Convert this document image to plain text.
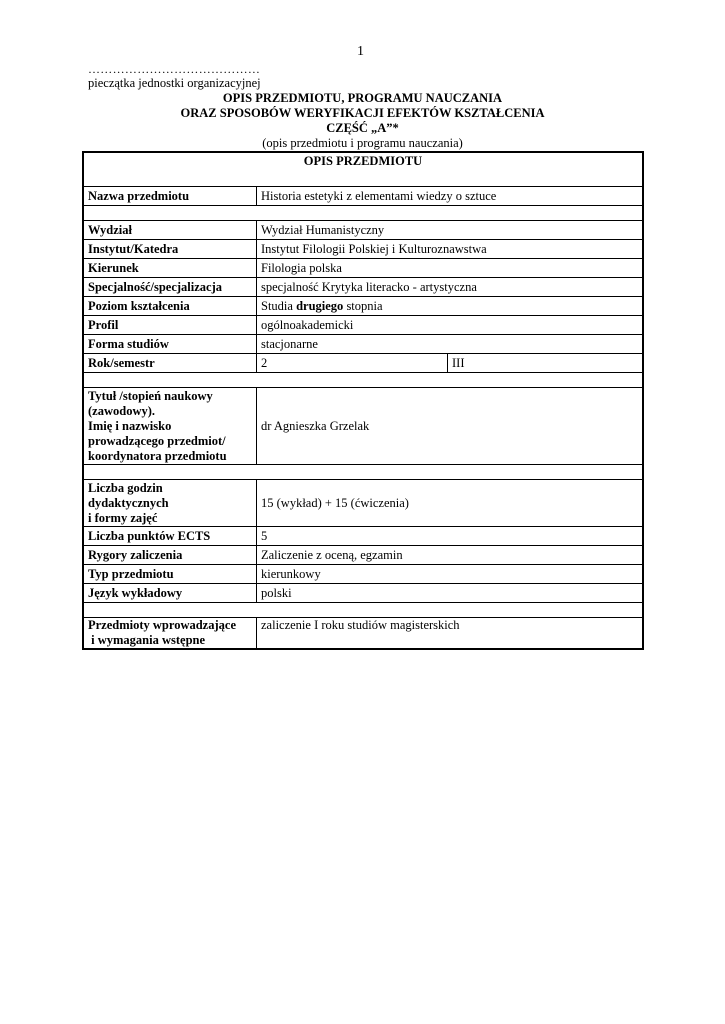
1
……………………………………
pieczątka jednostki organizacyjnej
OPIS PRZEDMIOTU, PROGRAMU NAUCZANIA
ORAZ SPOSOBÓW WERYFIKACJI EFEKTÓW KSZTAŁCENIA
CZĘŚĆ „A”*
(opis przedmiotu i programu nauczania)
OPIS PRZEDMIOTU		
Nazwa przedmiotu	Historia estetyki z elementami wiedzy o sztuce	

Wydział	Wydział Humanistyczny	
Instytut/Katedra	Instytut Filologii Polskiej i Kulturoznawstwa	
Kierunek	Filologia polska	
Specjalność/specjalizacja	specjalność Krytyka literacko - artystyczna	
Poziom kształcenia	Studia drugiego stopnia	
Profil	ogólnoakademicki	
Forma studiów	stacjonarne	
Rok/semestr	2	III

Tytuł /stopień naukowy
(zawodowy).
Imię i nazwisko
prowadzącego przedmiot/
koordynatora przedmiotu	dr Agnieszka Grzelak	

Liczba godzin
dydaktycznych
i formy zajęć	15 (wykład) + 15 (ćwiczenia)	
Liczba punktów ECTS	5	
Rygory zaliczenia	Zaliczenie z oceną, egzamin	
Typ przedmiotu	kierunkowy	
Język wykładowy	polski	

Przedmioty wprowadzające
i wymagania wstępne	zaliczenie I roku studiów magisterskich	
